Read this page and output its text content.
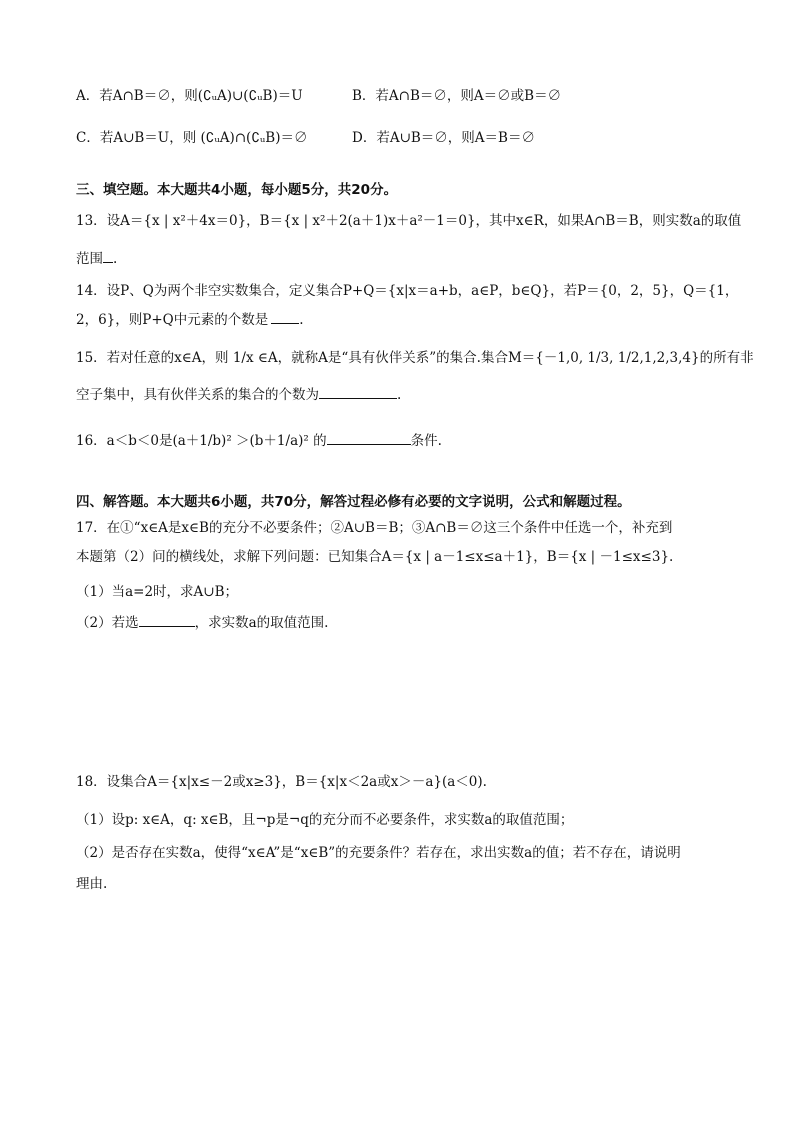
A．若A∩B＝∅，则(∁ᵤA)∪(∁ᵤB)＝U	B．若A∩B＝∅，则A＝∅或B＝∅
C．若A∪B＝U，则 (∁ᵤA)∩(∁ᵤB)＝∅	D．若A∪B＝∅，则A＝B＝∅
三、填空题。本大题共4小题，每小题5分，共20分。
13．设A＝{x | x²＋4x＝0}，B＝{x | x²＋2(a＋1)x＋a²－1＝0}，其中x∈R，如果A∩B＝B，则实数a的取值
范围 .
14．设P、Q为两个非空实数集合，定义集合P+Q＝{x|x＝a+b，a∈P，b∈Q}，若P＝{0，2，5}，Q＝{1，
2，6}，则P+Q中元素的个数是 .
15．若对任意的x∈A，则 1/x ∈A，就称A是“具有伙伴关系”的集合.集合M＝{－1,0, 1/3, 1/2,1,2,3,4}的所有非
空子集中，具有伙伴关系的集合的个数为	.
16．a＜b＜0是(a＋1/b)² ＞(b＋1/a)² 的	条件.
四、解答题。本大题共6小题，共70分，解答过程必修有必要的文字说明，公式和解题过程。
17．在①“x∈A是x∈B的充分不必要条件；②A∪B＝B；③A∩B＝∅这三个条件中任选一个，补充到
本题第（2）问的横线处，求解下列问题：已知集合A＝{x | a－1≤x≤a＋1}，B＝{x | －1≤x≤3}.
（1）当a=2时，求A∪B；
（2）若选	，求实数a的取值范围.
18．设集合A＝{x|x≤－2或x≥3}，B＝{x|x＜2a或x＞－a}(a＜0).
（1）设p: x∈A，q: x∈B，且¬p是¬q的充分而不必要条件，求实数a的取值范围；
（2）是否存在实数a，使得“x∈A”是“x∈B”的充要条件？若存在，求出实数a的值；若不存在，请说明
理由.
